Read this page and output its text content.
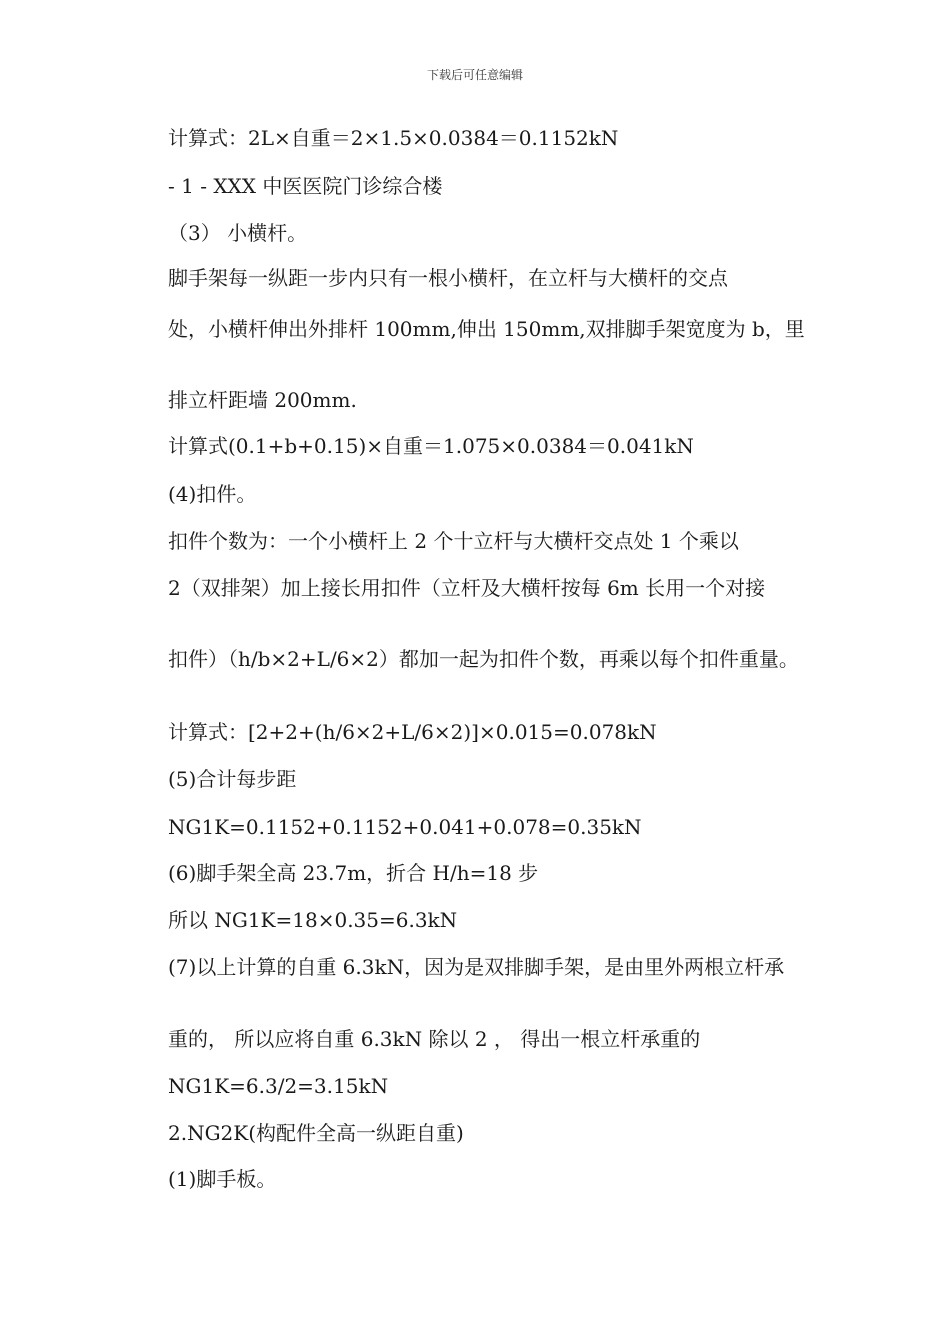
下载后可任意编辑
计算式：2L×自重＝2×1.5×0.0384＝0.1152kN
- 1 - XXX 中医医院门诊综合楼
（3） 小横杆。
脚手架每一纵距一步内只有一根小横杆，在立杆与大横杆的交点
处，小横杆伸出外排杆 100mm,伸出 150mm,双排脚手架宽度为 b，里
排立杆距墙 200mm.
计算式(0.1+b+0.15)×自重＝1.075×0.0384＝0.041kN
(4)扣件。
扣件个数为：一个小横杆上 2 个十立杆与大横杆交点处 1 个乘以
2（双排架）加上接长用扣件（立杆及大横杆按每 6m 长用一个对接
扣件）（h/b×2+L/6×2）都加一起为扣件个数，再乘以每个扣件重量。
计算式：[2+2+(h/6×2+L/6×2)]×0.015=0.078kN
(5)合计每步距
NG1K=0.1152+0.1152+0.041+0.078=0.35kN
(6)脚手架全高 23.7m，折合 H/h=18 步
所以 NG1K=18×0.35=6.3kN
(7)以上计算的自重 6.3kN，因为是双排脚手架，是由里外两根立杆承
重的， 所以应将自重 6.3kN 除以 2 ， 得出一根立杆承重的
NG1K=6.3/2=3.15kN
2.NG2K(构配件全高一纵距自重)
(1)脚手板。
